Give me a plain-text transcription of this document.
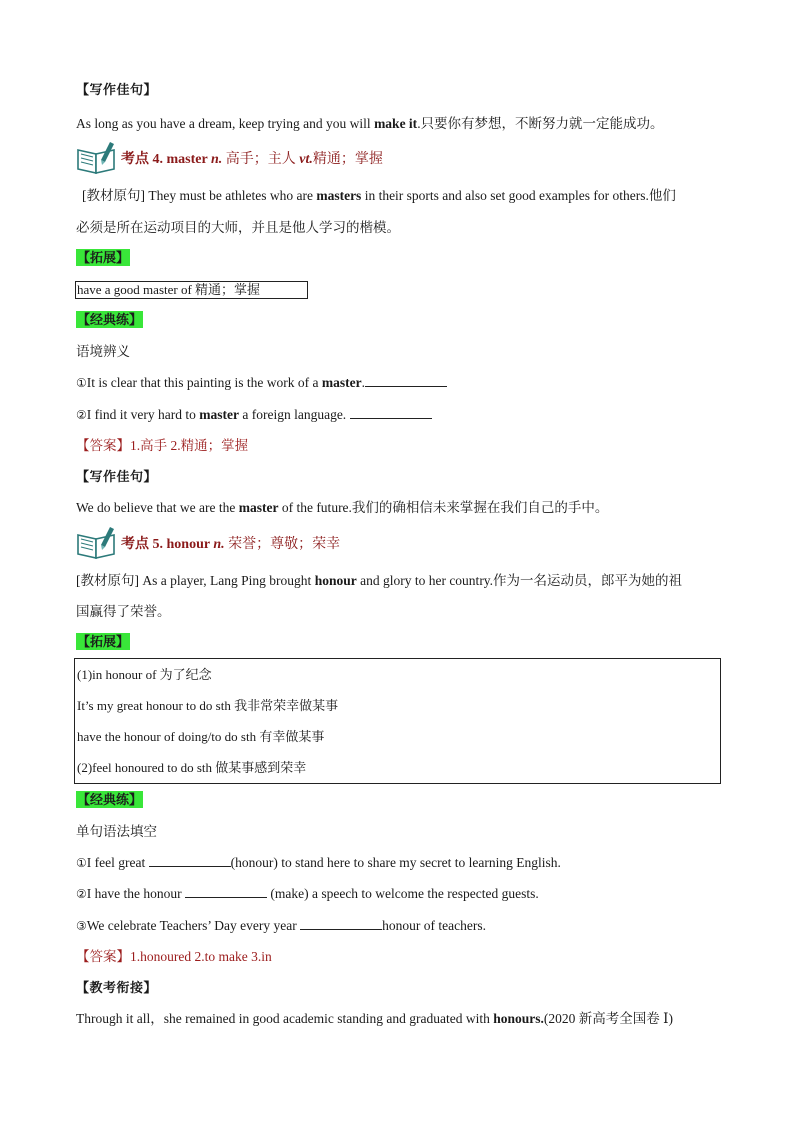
【写作佳句】
As long as you have a dream, keep trying and you will make it.只要你有梦想，不断努力就一定能成功。
考点 4. master n. 高手；主人 vt.精通；掌握
[教材原句] They must be athletes who are masters in their sports and also set good examples for others.他们
必须是所在运动项目的大师，并且是他人学习的楷模。
【拓展】
have a good master of 精通；掌握
【经典练】
语境辨义
①It is clear that this painting is the work of a master.
②I find it very hard to master a foreign language.
【答案】1.高手 2.精通；掌握
【写作佳句】
We do believe that we are the master of the future.我们的确相信未来掌握在我们自己的手中。
考点 5. honour n. 荣誉；尊敬；荣幸
[教材原句] As a player, Lang Ping brought honour and glory to her country.作为一名运动员，郎平为她的祖
国赢得了荣誉。
【拓展】
(1)in honour of 为了纪念
It’s my great honour to do sth 我非常荣幸做某事
have the honour of doing/to do sth 有幸做某事
(2)feel honoured to do sth 做某事感到荣幸
【经典练】
单句语法填空
①I feel great	(honour) to stand here to share my secret to learning English.
②I have the honour	(make) a speech to welcome the respected guests.
③We celebrate Teachers’ Day every year	honour of teachers.
【答案】1.honoured 2.to make 3.in
【教考衔接】
Through it all，she remained in good academic standing and graduated with honours.(2020 新高考全国卷 Ⅰ)
